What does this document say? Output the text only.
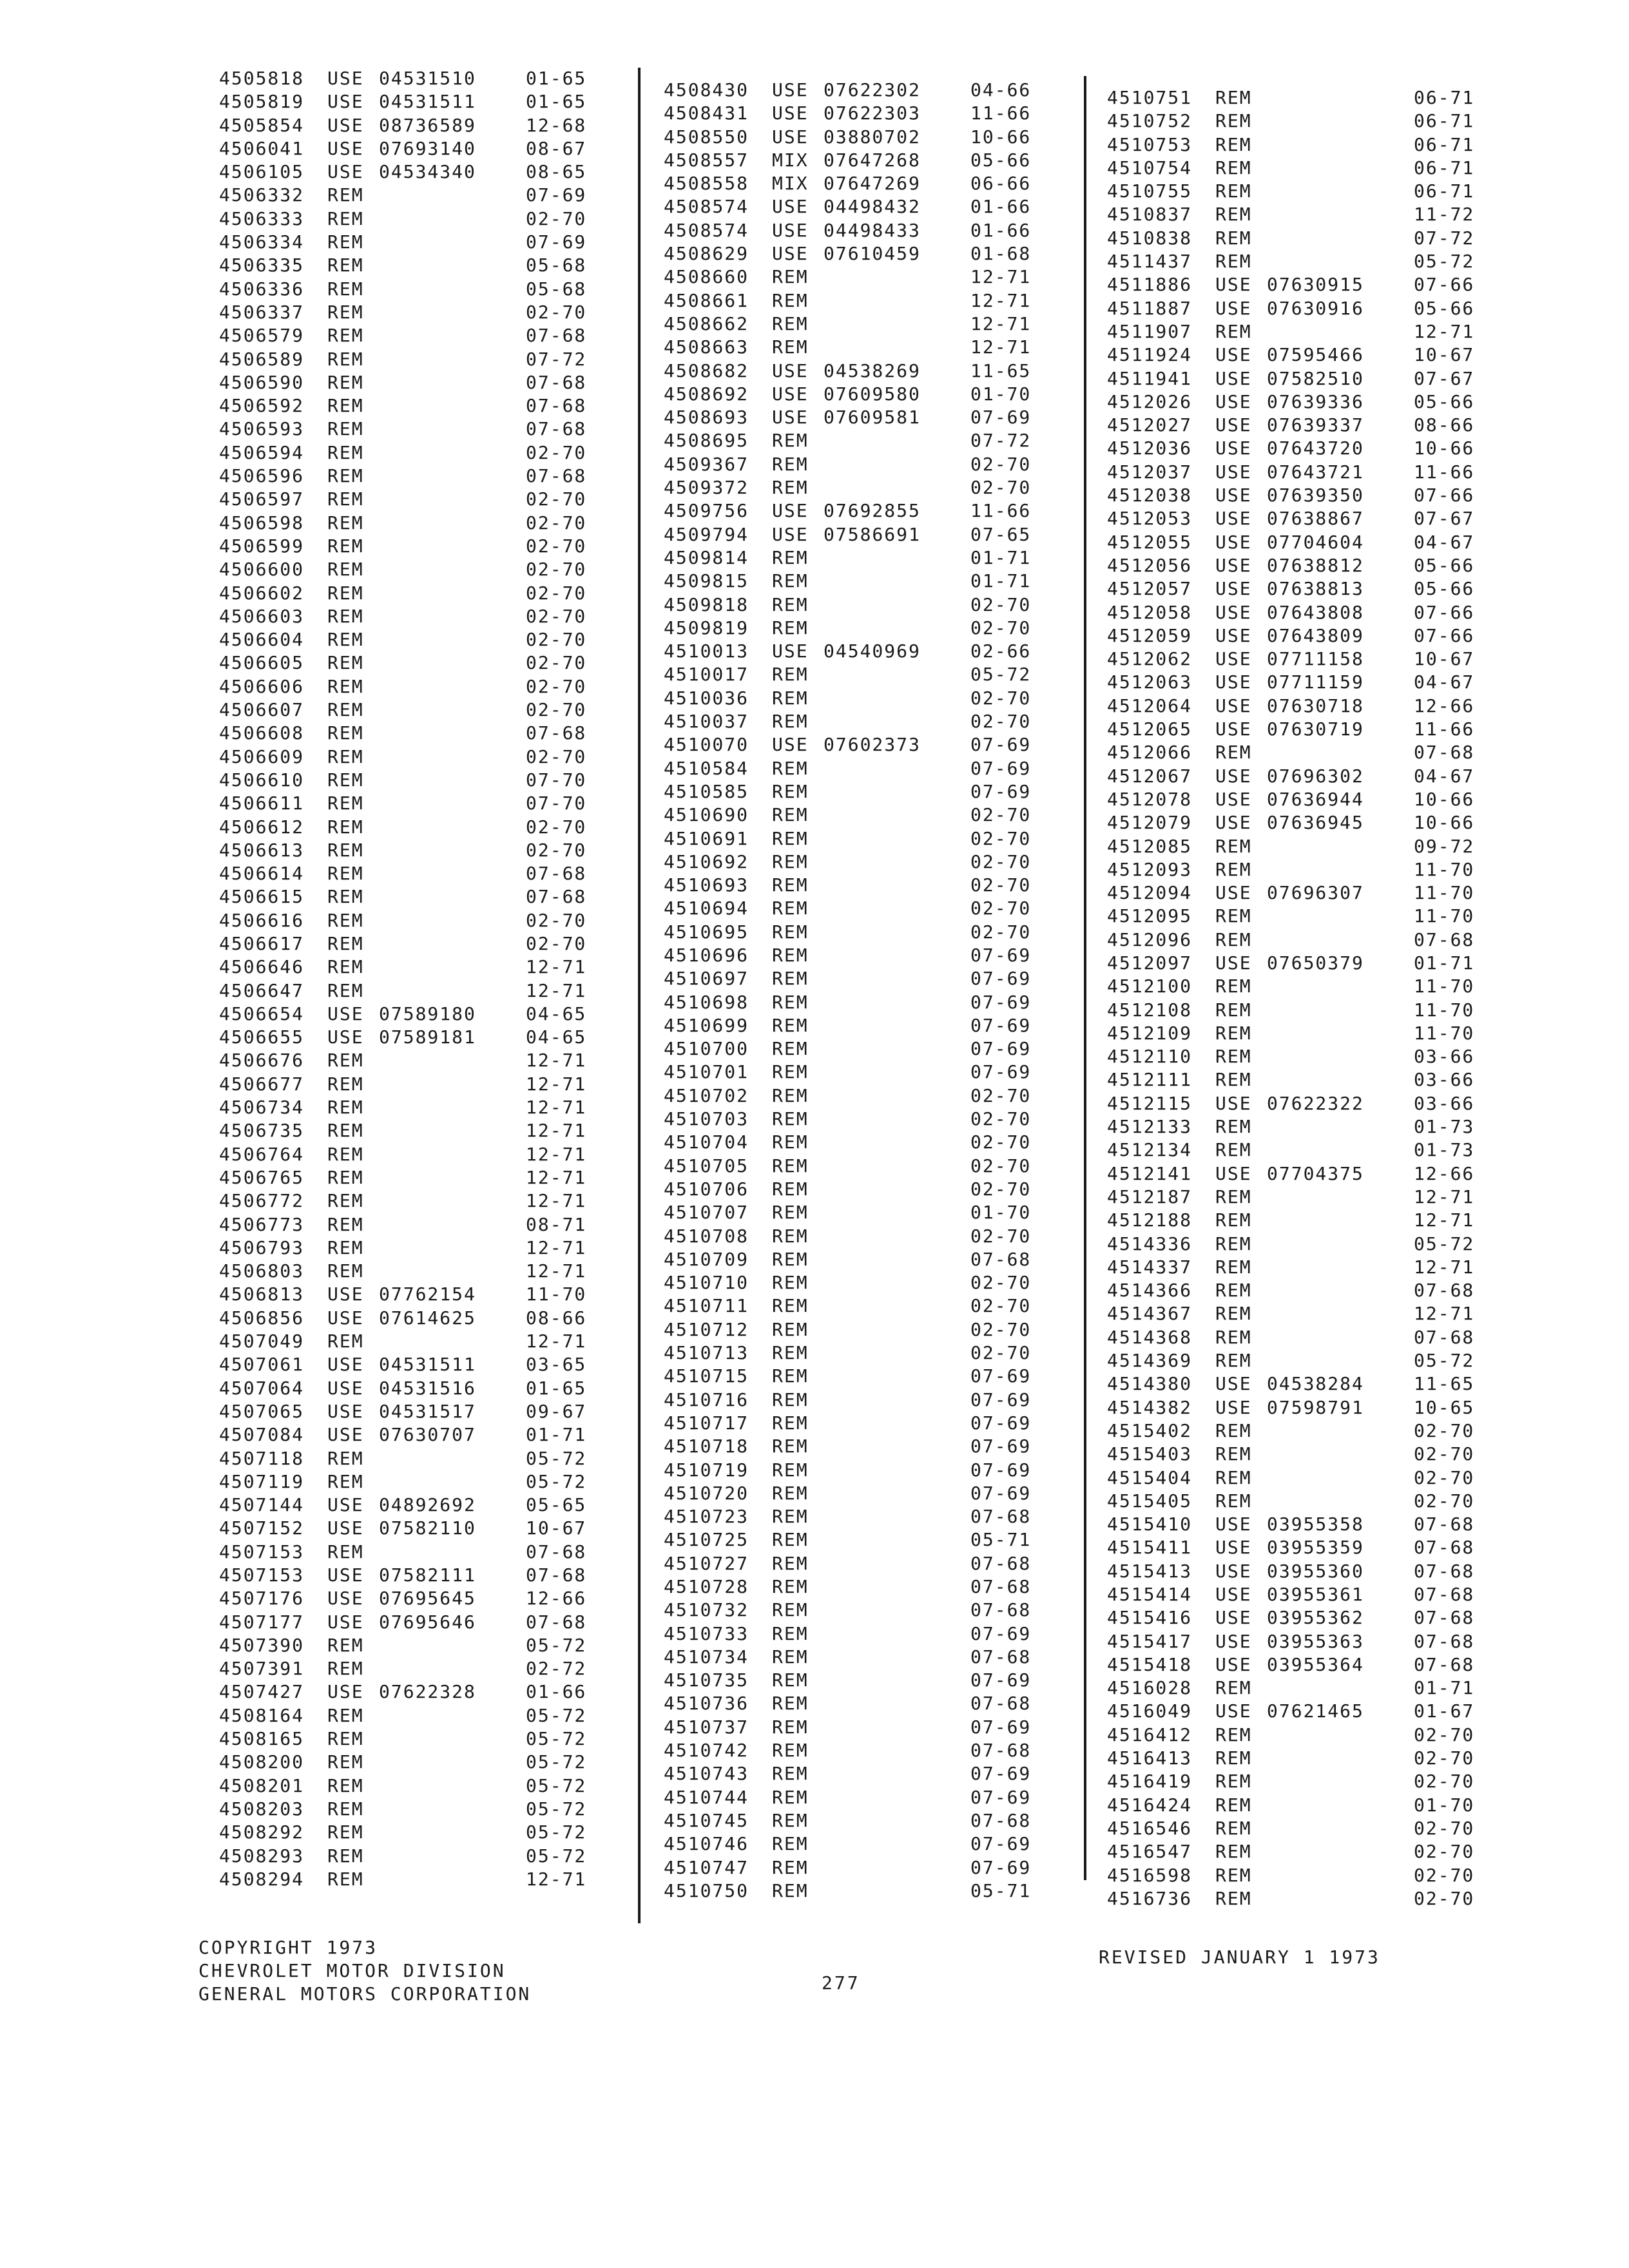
4505818	USE 04531510	01-65
4505819	USE 04531511	01-65
4505854	USE 08736589	12-68
4506041	USE 07693140	08-67
4506105	USE 04534340	08-65
4506332	REM	07-69
4506333	REM	02-70
4506334	REM	07-69
4506335	REM	05-68
4506336	REM	05-68
4506337	REM	02-70
4506579	REM	07-68
4506589	REM	07-72
4506590	REM	07-68
4506592	REM	07-68
4506593	REM	07-68
4506594	REM	02-70
4506596	REM	07-68
4506597	REM	02-70
4506598	REM	02-70
4506599	REM	02-70
4506600	REM	02-70
4506602	REM	02-70
4506603	REM	02-70
4506604	REM	02-70
4506605	REM	02-70
4506606	REM	02-70
4506607	REM	02-70
4506608	REM	07-68
4506609	REM	02-70
4506610	REM	07-70
4506611	REM	07-70
4506612	REM	02-70
4506613	REM	02-70
4506614	REM	07-68
4506615	REM	07-68
4506616	REM	02-70
4506617	REM	02-70
4506646	REM	12-71
4506647	REM	12-71
4506654	USE 07589180	04-65
4506655	USE 07589181	04-65
4506676	REM	12-71
4506677	REM	12-71
4506734	REM	12-71
4506735	REM	12-71
4506764	REM	12-71
4506765	REM	12-71
4506772	REM	12-71
4506773	REM	08-71
4506793	REM	12-71
4506803	REM	12-71
4506813	USE 07762154	11-70
4506856	USE 07614625	08-66
4507049	REM	12-71
4507061	USE 04531511	03-65
4507064	USE 04531516	01-65
4507065	USE 04531517	09-67
4507084	USE 07630707	01-71
4507118	REM	05-72
4507119	REM	05-72
4507144	USE 04892692	05-65
4507152	USE 07582110	10-67
4507153	REM	07-68
4507153	USE 07582111	07-68
4507176	USE 07695645	12-66
4507177	USE 07695646	07-68
4507390	REM	05-72
4507391	REM	02-72
4507427	USE 07622328	01-66
4508164	REM	05-72
4508165	REM	05-72
4508200	REM	05-72
4508201	REM	05-72
4508203	REM	05-72
4508292	REM	05-72
4508293	REM	05-72
4508294	REM	12-71
4508430	USE 07622302	04-66
4508431	USE 07622303	11-66
4508550	USE 03880702	10-66
4508557	MIX 07647268	05-66
4508558	MIX 07647269	06-66
4508574	USE 04498432	01-66
4508574	USE 04498433	01-66
4508629	USE 07610459	01-68
4508660	REM	12-71
4508661	REM	12-71
4508662	REM	12-71
4508663	REM	12-71
4508682	USE 04538269	11-65
4508692	USE 07609580	01-70
4508693	USE 07609581	07-69
4508695	REM	07-72
4509367	REM	02-70
4509372	REM	02-70
4509756	USE 07692855	11-66
4509794	USE 07586691	07-65
4509814	REM	01-71
4509815	REM	01-71
4509818	REM	02-70
4509819	REM	02-70
4510013	USE 04540969	02-66
4510017	REM	05-72
4510036	REM	02-70
4510037	REM	02-70
4510070	USE 07602373	07-69
4510584	REM	07-69
4510585	REM	07-69
4510690	REM	02-70
4510691	REM	02-70
4510692	REM	02-70
4510693	REM	02-70
4510694	REM	02-70
4510695	REM	02-70
4510696	REM	07-69
4510697	REM	07-69
4510698	REM	07-69
4510699	REM	07-69
4510700	REM	07-69
4510701	REM	07-69
4510702	REM	02-70
4510703	REM	02-70
4510704	REM	02-70
4510705	REM	02-70
4510706	REM	02-70
4510707	REM	01-70
4510708	REM	02-70
4510709	REM	07-68
4510710	REM	02-70
4510711	REM	02-70
4510712	REM	02-70
4510713	REM	02-70
4510715	REM	07-69
4510716	REM	07-69
4510717	REM	07-69
4510718	REM	07-69
4510719	REM	07-69
4510720	REM	07-69
4510723	REM	07-68
4510725	REM	05-71
4510727	REM	07-68
4510728	REM	07-68
4510732	REM	07-68
4510733	REM	07-69
4510734	REM	07-68
4510735	REM	07-69
4510736	REM	07-68
4510737	REM	07-69
4510742	REM	07-68
4510743	REM	07-69
4510744	REM	07-69
4510745	REM	07-68
4510746	REM	07-69
4510747	REM	07-69
4510750	REM	05-71
4510751	REM	06-71
4510752	REM	06-71
4510753	REM	06-71
4510754	REM	06-71
4510755	REM	06-71
4510837	REM	11-72
4510838	REM	07-72
4511437	REM	05-72
4511886	USE 07630915	07-66
4511887	USE 07630916	05-66
4511907	REM	12-71
4511924	USE 07595466	10-67
4511941	USE 07582510	07-67
4512026	USE 07639336	05-66
4512027	USE 07639337	08-66
4512036	USE 07643720	10-66
4512037	USE 07643721	11-66
4512038	USE 07639350	07-66
4512053	USE 07638867	07-67
4512055	USE 07704604	04-67
4512056	USE 07638812	05-66
4512057	USE 07638813	05-66
4512058	USE 07643808	07-66
4512059	USE 07643809	07-66
4512062	USE 07711158	10-67
4512063	USE 07711159	04-67
4512064	USE 07630718	12-66
4512065	USE 07630719	11-66
4512066	REM	07-68
4512067	USE 07696302	04-67
4512078	USE 07636944	10-66
4512079	USE 07636945	10-66
4512085	REM	09-72
4512093	REM	11-70
4512094	USE 07696307	11-70
4512095	REM	11-70
4512096	REM	07-68
4512097	USE 07650379	01-71
4512100	REM	11-70
4512108	REM	11-70
4512109	REM	11-70
4512110	REM	03-66
4512111	REM	03-66
4512115	USE 07622322	03-66
4512133	REM	01-73
4512134	REM	01-73
4512141	USE 07704375	12-66
4512187	REM	12-71
4512188	REM	12-71
4514336	REM	05-72
4514337	REM	12-71
4514366	REM	07-68
4514367	REM	12-71
4514368	REM	07-68
4514369	REM	05-72
4514380	USE 04538284	11-65
4514382	USE 07598791	10-65
4515402	REM	02-70
4515403	REM	02-70
4515404	REM	02-70
4515405	REM	02-70
4515410	USE 03955358	07-68
4515411	USE 03955359	07-68
4515413	USE 03955360	07-68
4515414	USE 03955361	07-68
4515416	USE 03955362	07-68
4515417	USE 03955363	07-68
4515418	USE 03955364	07-68
4516028	REM	01-71
4516049	USE 07621465	01-67
4516412	REM	02-70
4516413	REM	02-70
4516419	REM	02-70
4516424	REM	01-70
4516546	REM	02-70
4516547	REM	02-70
4516598	REM	02-70
4516736	REM	02-70
COPYRIGHT 1973
CHEVROLET MOTOR DIVISION
GENERAL MOTORS CORPORATION
277
REVISED JANUARY 1 1973
